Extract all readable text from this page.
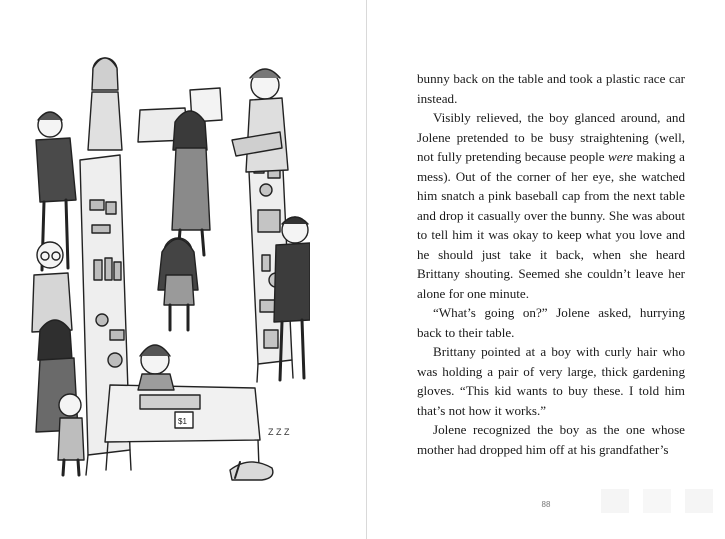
Z Z Z
$1

bunny back on the table and took a plastic race car instead.

Visibly relieved, the boy glanced around, and Jolene pretended to be busy straightening (well, not fully pretending because people were making a mess). Out of the corner of her eye, she watched him snatch a pink baseball cap from the next table and drop it casually over the bunny. She was about to tell him it was okay to keep what you love and he should just take it back, when she heard Brittany shouting. Seemed she couldn’t leave her alone for one minute.

“What’s going on?” Jolene asked, hurrying back to their table.

Brittany pointed at a boy with curly hair who was holding a pair of very large, thick gardening gloves. “This kid wants to buy these. I told him that’s not how it works.”

Jolene recognized the boy as the one whose mother had dropped him off at his grandfather’s

88
